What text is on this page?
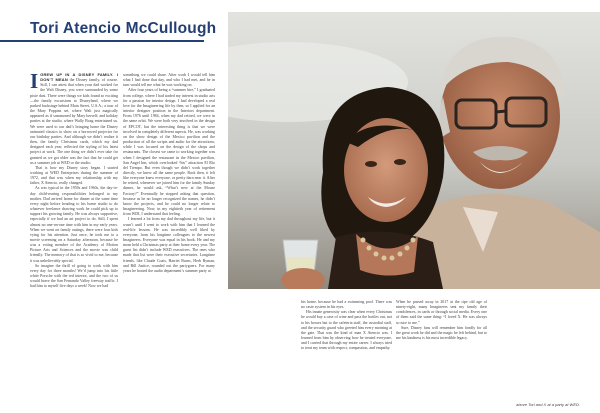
Tori Atencio McCullough

IGREW UP IN A DISNEY FAMILY. I DON’T MEAN the Disney family, of course. Still, I can attest that when your dad worked for the Walt Disney, you were surrounded by some pixie dust. There were things we kids found so exciting—the family excursions to Disneyland, where we parked backstage behind Main Street, U.S.A.; a tour of the Mary Poppins set, where Walt just magically appeared as if summoned by Mary herself; and holiday parties at the studio, where Wally Boag entertained us. We were used to our dad’s bringing home the Disney animated classics to show on a borrowed projector for our birthday parties. And although we didn’t realize it then, the family Christmas cards, which my dad designed each year, reflected the styling of his latest project at work. The one thing we didn’t ever take for granted as we got older was the fact that he could get us a summer job at WED or the studio.

That is how my Disney story began. I started working at WED Enterprises during the summer of 1972, and that was when my relationship with my father, X Atencio, really changed.

As was typical in the 1950s and 1960s, the day-to-day child-rearing responsibilities belonged to my mother. Dad arrived home for dinner at the same time every night before heading to his home studio to do whatever freelance drawing work he could pick up to support his growing family. He was always supportive, especially if we had an art project to do. Still, I spent almost no one-on-one time with him in my early years. When we went on family outings, there were four kids vying for his attention. Just once, he took me to a movie screening on a Saturday afternoon, because he was a voting member of the Academy of Motion Picture Arts and Sciences and the movie was child friendly. The memory of that is so vivid to me, because it was unbelievably special.

So imagine the thrill of going to work with him every day for three months! We’d jump into his little white Porsche with the red interior, and the two of us would brave the San Fernando Valley freeway traffic. I had him to myself five days a week! Now we had

something we could share. After work I would tell him what I had done that day, and who I had met, and he in turn would tell me what he was working on.

After four years of being a “summer hire,” I graduated from college, where I had traded my interest in studio arts for a passion for interior design. I had developed a real love for the Imagineering life by then, so I applied for an interior designer position in the Interiors department. From 1976 until 1984, when my dad retired, we were in the same orbit. We were both very involved in the design of EPCOT, but the interesting thing is that we were involved in completely different aspects. He, was working on the show design of the Mexico pavilion and the production of all the scripts and audio for the attractions, while I was focused on the design of the shops and restaurants. The closest we came to working together was when I designed the restaurant in the Mexico pavilion, San Angel Inn, which overlooked “his” attraction El Río del Tiempo. But even though we didn’t work together directly, we knew all the same people. Back then, it felt like everyone knew everyone, or pretty darn near it. After he retired, whenever we joined him for the family Sunday dinner, he would ask, “What’s new at the Mouse Factory?” Eventually he stopped asking that question, because as he no longer recognized the names, he didn’t know the projects, and he could no longer relate to Imagineering. Now, in my eightieth year of retirement from WDI, I understand that feeling.

I learned a lot from my dad throughout my life, but it wasn’t until I went to work with him that I learned the real-life lessons. He was incredibly well liked by everyone, from his longtime colleagues to the newest Imagineers. Everyone was equal in his book. He and my mom held a Christmas party at their home every year. The guest list didn’t include WED executives. The ones who made that list were their executive secretaries. Longtime friends, like Claude Coats, Harriet Burns, Herb Ryman, and Bill Justice, rounded out the partygoers. For many years he hosted the audio department’s summer party at

his home, because he had a swimming pool. There was no caste system in his eyes.

His innate generosity was clear when every Christmas he would buy a case of wine and pass the bottles out, not to his bosses but to the cafeteria staff, the custodial staff, and the security guard who greeted him every morning at the gate. That was the kind of man X Atencio was. I learned from him by observing how he treated everyone, and I carried that through my entire career. I always tried to treat my team with respect, compassion, and empathy.

When he passed away in 2017 at the ripe old age of ninety-eight, many Imagineers sent my family their condolences, in cards or through social media. Every one of them said the same thing: “I loved X. He was always so nice to me.”

Sure, Disney fans will remember him fondly for all the great work he did and the magic he left behind, but to me his kindness is his most incredible legacy.

above Tori and X at a party at WED.
